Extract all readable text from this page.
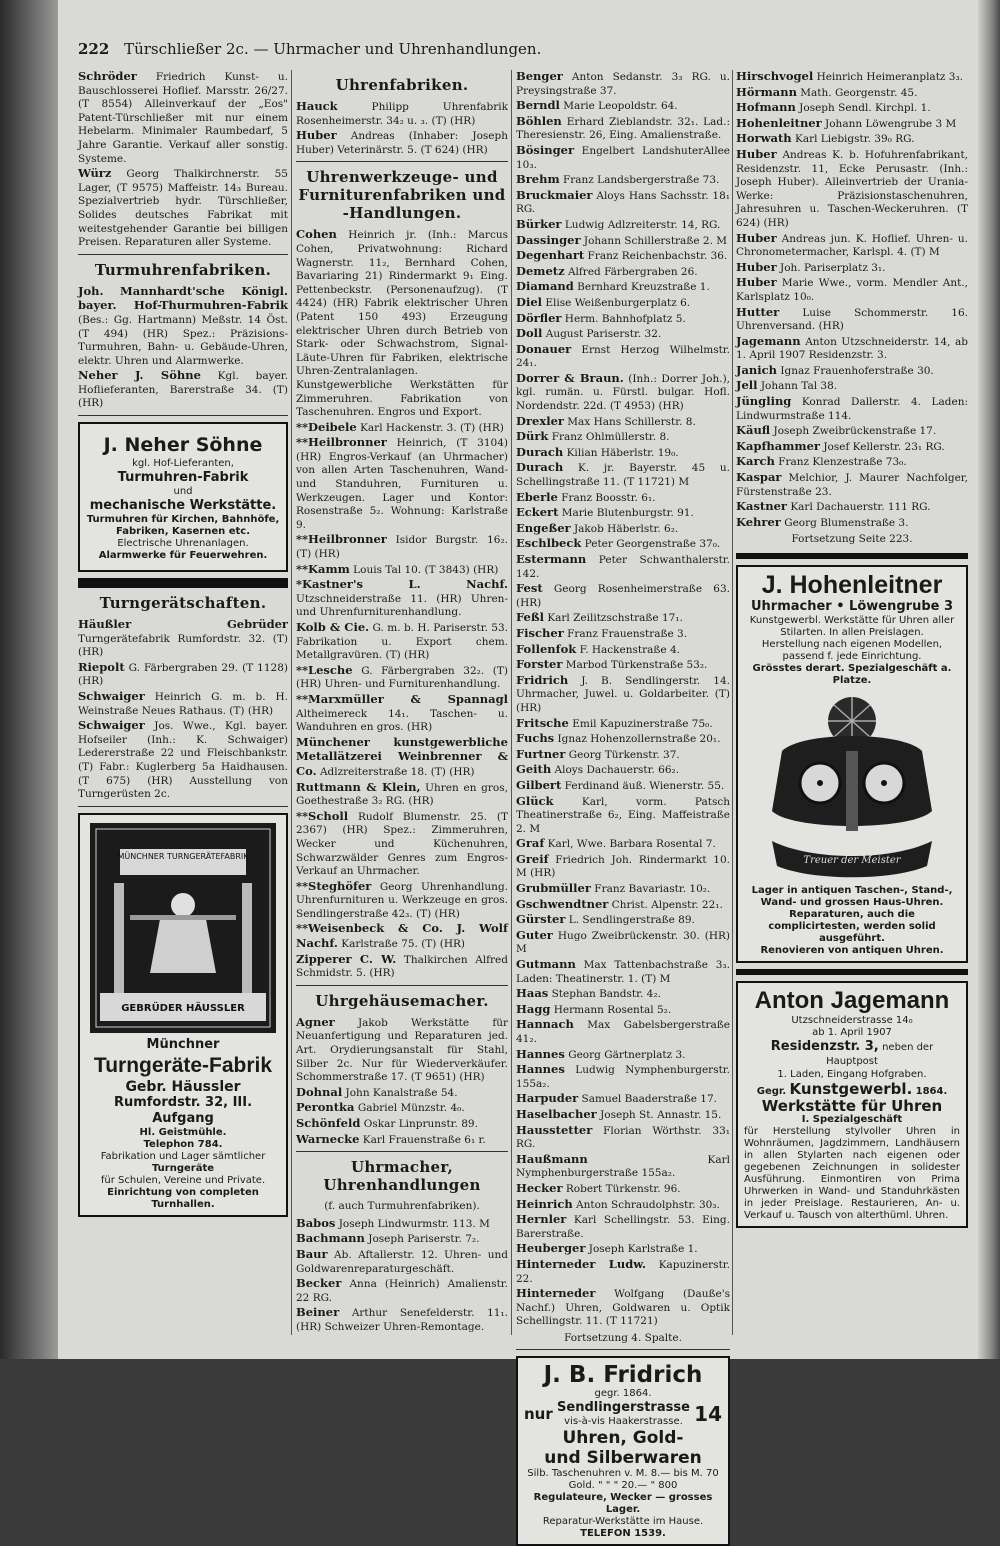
222 Türschließer 2c. — Uhrmacher und Uhrenhandlungen.
Schröder Friedrich Kunst- u. Bauschlosserei Hoflief. Marsstr. 26/27. (T 8554) Alleinverkauf der „Eos" Patent-Türschließer mit nur einem Hebelarm. Minimaler Raumbedarf, 5 Jahre Garantie. Verkauf aller sonstig. Systeme.
Würz Georg Thalkirchnerstr. 55 Lager, (T 9575) Maffeistr. 14₃ Bureau. Spezialvertrieb hydr. Türschließer, Solides deutsches Fabrikat mit weitestgehender Garantie bei billigen Preisen. Reparaturen aller Systeme.
Turmuhrenfabriken.
Joh. Mannhardt'sche Königl. bayer. Hof-Thurmuhren-Fabrik (Bes.: Gg. Hartmann) Meßstr. 14 Öst. (T 494) (HR) Spez.: Präzisions-Turmuhren, Bahn- u. Gebäude-Uhren, elektr. Uhren und Alarmwerke.
Neher J. Söhne Kgl. bayer. Hoflieferanten, Barerstraße 34. (T) (HR)
J. Neher Söhne
kgl. Hof-Lieferanten,
Turmuhren-Fabrik
und
mechanische Werkstätte.
Turmuhren für Kirchen, Bahnhöfe, Fabriken, Kasernen etc.
Electrische Uhrenanlagen.
Alarmwerke für Feuerwehren.
Turngerätschaften.
Häußler Gebrüder Turngerätefabrik Rumfordstr. 32. (T) (HR)
Riepolt G. Färbergraben 29. (T 1128) (HR)
Schwaiger Heinrich G. m. b. H. Weinstraße Neues Rathaus. (T) (HR)
Schwaiger Jos. Wwe., Kgl. bayer. Hofseiler (Inh.: K. Schwaiger) Ledererstraße 22 und Fleischbankstr. (T) Fabr.: Kuglerberg 5a Haidhausen. (T 675) (HR) Ausstellung von Turngerüsten 2c.
MÜNCHNER TURNGERÄTEFABRIK
GEBRÜDER HÄUSSLER
Münchner
Turngeräte-Fabrik
Gebr. Häussler
Rumfordstr. 32, III. Aufgang
Hl. Geistmühle.
Telephon 784.
Fabrikation und Lager sämtlicher
Turngeräte
für Schulen, Vereine und Private.
Einrichtung von completen Turnhallen.
Uhrenfabriken.
Hauck	Philipp Uhrenfabrik Rosenheimerstr. 34₂ u. ₃. (T) (HR)
Huber Andreas (Inhaber: Joseph Huber) Veterinärstr. 5. (T 624) (HR)
Uhrenwerkzeuge- und Furniturenfabriken und -Handlungen.
Cohen Heinrich jr. (Inh.: Marcus Cohen, Privatwohnung: Richard Wagnerstr. 11₂, Bernhard Cohen, Bavariaring 21) Rindermarkt 9₁ Eing. Pettenbeckstr. (Personenaufzug). (T 4424) (HR) Fabrik elektrischer Uhren (Patent 150 493) Erzeugung elektrischer Uhren durch Betrieb von Stark- oder Schwachstrom, Signal-Läute-Uhren für Fabriken, elektrische Uhren-Zentralanlagen. Kunstgewerbliche Werkstätten für Zimmeruhren. Fabrikation von Taschenuhren. Engros und Export.
**Deibele Karl Hackenstr. 3. (T) (HR)
**Heilbronner Heinrich, (T 3104) (HR) Engros-Verkauf (an Uhrmacher) von allen Arten Taschenuhren, Wand- und Standuhren, Furnituren u. Werkzeugen. Lager und Kontor: Rosenstraße 5₂. Wohnung: Karlstraße 9.
**Heilbronner Isidor Burgstr. 16₂. (T) (HR)
**Kamm Louis Tal 10. (T 3843) (HR)
*Kastner's L. Nachf. Utzschneiderstraße 11. (HR) Uhren- und Uhrenfurniturenhandlung.
Kolb & Cie. G. m. b. H. Pariserstr. 53. Fabrikation u. Export chem. Metallgravüren. (T) (HR)
**Lesche G. Färbergraben 32₂. (T) (HR) Uhren- und Furniturenhandlung.
**Marxmüller & Spannagl Altheimereck 14₁. Taschen- u. Wanduhren en gros. (HR)
Münchener kunstgewerbliche Metallätzerei Weinbrenner & Co. Adlzreiterstraße 18. (T) (HR)
Ruttmann & Klein, Uhren en gros, Goethestraße 3₂ RG. (HR)
**Scholl Rudolf Blumenstr. 25. (T 2367) (HR) Spez.: Zimmeruhren, Wecker und Küchenuhren, Schwarzwälder Genres zum Engros-Verkauf an Uhrmacher.
**Steghöfer Georg Uhrenhandlung. Uhrenfurnituren u. Werkzeuge en gros. Sendlingerstraße 42₃. (T) (HR)
**Weisenbeck & Co. J. Wolf Nachf. Karlstraße 75. (T) (HR)
Zipperer C. W. Thalkirchen Alfred Schmidstr. 5. (HR)
Uhrgehäusemacher.
Agner Jakob Werkstätte für Neuanfertigung und Reparaturen jed. Art. Orydierungsanstalt für Stahl, Silber 2c. Nur für Wiederverkäufer. Schommerstraße 17. (T 9651) (HR)
Dohnal John Kanalstraße 54.
Perontka Gabriel Münzstr. 4₀.
Schönfeld Oskar Linprunstr. 89.
Warnecke Karl Frauenstraße 6₁ r.
Uhrmacher, Uhrenhandlungen
(f. auch Turmuhrenfabriken).
Babos Joseph Lindwurmstr. 113. M
Bachmann Joseph Pariserstr. 7₂.
Baur Ab. Aftallerstr. 12. Uhren- und Goldwarenreparaturgeschäft.
Becker Anna (Heinrich) Amalienstr. 22 RG.
Beiner Arthur Senefelderstr. 11₁. (HR) Schweizer Uhren-Remontage.
Benger Anton Sedanstr. 3₃ RG. u. Preysingstraße 37.
Berndl Marie Leopoldstr. 64.
Böhlen Erhard Zieblandstr. 32₁. Lad.: Theresienstr. 26, Eing. Amalienstraße.
Bösinger Engelbert LandshuterAllee 10₃.
Brehm Franz Landsbergerstraße 73.
Bruckmaier Aloys Hans Sachsstr. 18₁ RG.
Bürker Ludwig Adlzreiterstr. 14, RG.
Dassinger Johann Schillerstraße 2. M
Degenhart Franz Reichenbachstr. 36.
Demetz Alfred Färbergraben 26.
Diamand Bernhard Kreuzstraße 1.
Diel Elise Weißenburgerplatz 6.
Dörfler Herm. Bahnhofplatz 5.
Doll August Pariserstr. 32.
Donauer Ernst Herzog Wilhelmstr. 24₁.
Dorrer & Braun. (Inh.: Dorrer Joh.), kgl. rumän. u. Fürstl. bulgar. Hofl. Nordendstr. 22d. (T 4953) (HR)
Drexler Max Hans Schillerstr. 8.
Dürk Franz Ohlmüllerstr. 8.
Durach Kilian Häberlstr. 19₀.
Durach K. jr. Bayerstr. 45 u. Schellingstraße 11. (T 11721) M
Eberle Franz Boosstr. 6₁.
Eckert Marie Blutenburgstr. 91.
Engeßer Jakob Häberlstr. 6₂.
Eschlbeck Peter Georgenstraße 37₀.
Estermann Peter Schwanthalerstr. 142.
Fest Georg Rosenheimerstraße 63. (HR)
Feßl Karl Zeilitzschstraße 17₁.
Fischer Franz Frauenstraße 3.
Follenfok F. Hackenstraße 4.
Forster Marbod Türkenstraße 53₂.
Fridrich J. B. Sendlingerstr. 14. Uhrmacher, Juwel. u. Goldarbeiter. (T) (HR)
Fritsche Emil Kapuzinerstraße 75₀.
Fuchs Ignaz Hohenzollernstraße 20₁.
Furtner Georg Türkenstr. 37.
Geith Aloys Dachauerstr. 66₂.
Gilbert Ferdinand äuß. Wienerstr. 55.
Glück	Karl, vorm. Patsch Theatinerstraße 6₂, Eing. Maffeistraße 2. M
Graf Karl, Wwe. Barbara Rosental 7.
Greif Friedrich Joh. Rindermarkt 10. M (HR)
Grubmüller Franz Bavariastr. 10₂.
Gschwendtner Christ. Alpenstr. 22₁.
Gürster L. Sendlingerstraße 89.
Guter Hugo Zweibrückenstr. 30. (HR) M
Gutmann Max Tattenbachstraße 3₃. Laden: Theatinerstr. 1. (T) M
Haas Stephan Bandstr. 4₂.
Hagg Hermann Rosental 5₂.
Hannach Max Gabelsbergerstraße 41₂.
Hannes Georg Gärtnerplatz 3.
Hannes Ludwig Nymphenburgerstr. 155a₂.
Harpuder Samuel Baaderstraße 17.
Haselbacher Joseph St. Annastr. 15.
Hausstetter Florian Wörthstr. 33₁ RG.
Haußmann	Karl Nymphenburgerstraße 155a₂.
Hecker Robert Türkenstr. 96.
Heinrich Anton Schraudolphstr. 30₃.
Hernler Karl Schellingstr. 53. Eing. Barerstraße.
Heuberger Joseph Karlstraße 1.
Hinterneder Ludw. Kapuzinerstr. 22.
Hinterneder Wolfgang (Dauße's Nachf.) Uhren, Goldwaren u. Optik Schellingstr. 11. (T 11721)
Fortsetzung 4. Spalte.
J. B. Fridrich
gegr. 1864.
nur Sendlingerstrasse
vis-à-vis Haakerstrasse. 14
Uhren, Gold-
und Silberwaren
Silb. Taschenuhren v. M. 8.— bis M. 70
Gold. " " " 20.— " 800
Regulateure, Wecker — grosses Lager.
Reparatur-Werkstätte im Hause.
TELEFON 1539.
Hirschvogel Heinrich Heimeranplatz 3₃.
Hörmann Math. Georgenstr. 45.
Hofmann Joseph Sendl. Kirchpl. 1.
Hohenleitner Johann Löwengrube 3 M
Horwath Karl Liebigstr. 39₀ RG.
Huber Andreas K. b. Hofuhrenfabrikant, Residenzstr. 11, Ecke Perusastr. (Inh.: Joseph Huber). Alleinvertrieb der Urania-Werke: Präzisionstaschenuhren, Jahresuhren u. Taschen-Weckeruhren. (T 624) (HR)
Huber Andreas jun. K. Hoflief. Uhren- u. Chronometermacher, Karlspl. 4. (T) M
Huber Joh. Pariserplatz 3₁.
Huber Marie Wwe., vorm. Mendler Ant., Karlsplatz 10₀.
Hutter Luise Schommerstr. 16. Uhrenversand. (HR)
Jagemann Anton Utzschneiderstr. 14, ab 1. April 1907 Residenzstr. 3.
Janich Ignaz Frauenhoferstraße 30.
Jell Johann Tal 38.
Jüngling Konrad Dallerstr. 4. Laden: Lindwurmstraße 114.
Käufl Joseph Zweibrückenstraße 17.
Kapfhammer Josef Kellerstr. 23₁ RG.
Karch Franz Klenzestraße 73₀.
Kaspar Melchior, J. Maurer Nachfolger, Fürstenstraße 23.
Kastner Karl Dachauerstr. 111 RG.
Kehrer Georg Blumenstraße 3.
Fortsetzung Seite 223.
J. Hohenleitner
Uhrmacher • Löwengrube 3
Kunstgewerbl. Werkstätte für Uhren aller Stilarten. In allen Preislagen.
Herstellung nach eigenen Modellen, passend f. jede Einrichtung.
Grösstes derart. Spezialgeschäft a. Platze.
Treuer der Meister
Lager in antiquen Taschen-, Stand-, Wand- und grossen Haus-Uhren.
Reparaturen, auch die complicirtesten, werden solid ausgeführt.
Renovieren von antiquen Uhren.
Anton Jagemann
Utzschneiderstrasse 14₀
ab 1. April 1907
Residenzstr. 3, neben der Hauptpost
1. Laden, Eingang Hofgraben.
Gegr. Kunstgewerbl. 1864.
Werkstätte für Uhren
I. Spezialgeschäft
für Herstellung stylvoller Uhren in Wohnräumen, Jagdzimmern, Landhäusern in allen Stylarten nach eigenen oder gegebenen Zeichnungen in solidester Ausführung. Einmontiren von Prima Uhrwerken in Wand- und Standuhrkästen in jeder Preislage. Restaurieren, An- u. Verkauf u. Tausch von alterthüml. Uhren.
